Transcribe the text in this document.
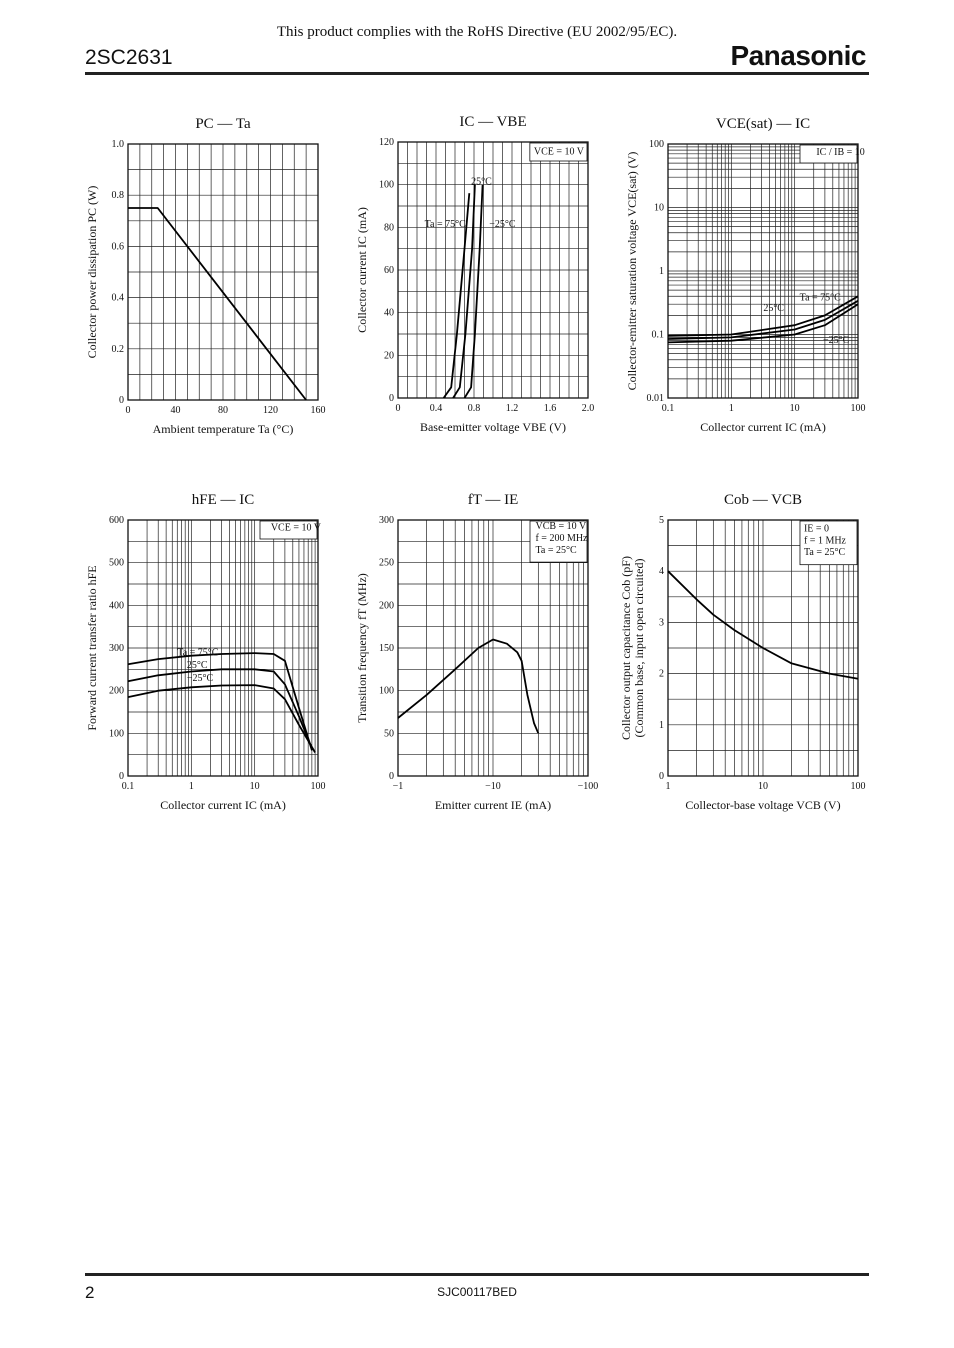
This product complies with the RoHS Directive (EU 2002/95/EC).
2SC2631	Panasonic
0	40	80	120	160
0
0.2
0.4
0.6
0.8
1.0
PC — Ta
Ambient temperature Ta (°C)
Collector power dissipation PC (W)
0	0.4	0.8	1.2	1.6	2.0
0
20
40
60
80
100
120
IC — VBE
Base-emitter voltage VBE (V)
Collector current IC (mA)
VCE = 10 V
25°C
Ta = 75°C −25°C
0.1	1	10	100
0.01
0.1
1
10
100
VCE(sat) — IC
Collector current IC (mA)
Collector-emitter saturation voltage VCE(sat) (V)	IC / IB = 10
Ta = 75°C
25°C
−25°C
0.1	1	10	100
0
100
200
300
400
500
600
hFE — IC
Collector current IC (mA)
Forward current transfer ratio hFE
VCE = 10 V
Ta = 75°C
25°C
−25°C
−1	−10	−100
0
50
100
150
200
250
300
fT — IE
Emitter current IE (mA)
Transition frequency fT (MHz)
VCB = 10 V
f = 200 MHz
Ta = 25°C
1	10	100
0
1
2
3
4
5
Cob — VCB
Collector-base voltage VCB (V)
Collector output capacitance Cob (pF) (Common base, input open circuited)
IE = 0
f = 1 MHz
Ta = 25°C
2	SJC00117BED
